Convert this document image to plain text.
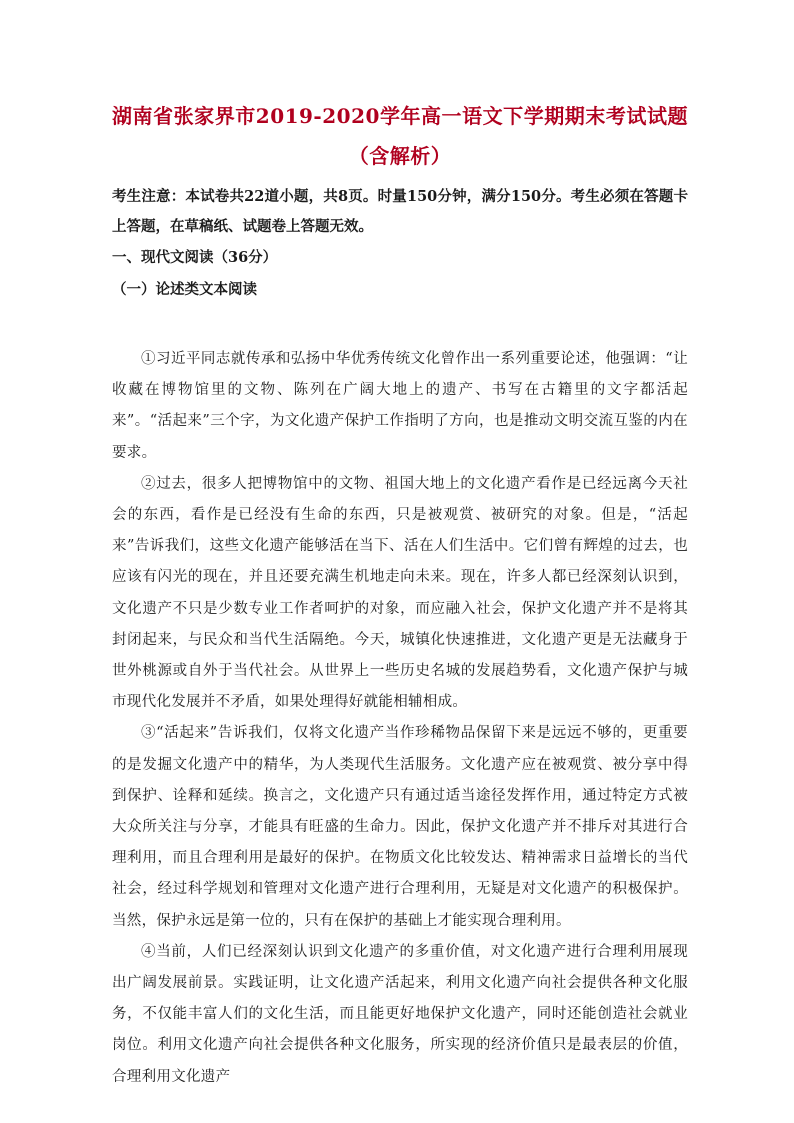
湖南省张家界市2019-2020学年高一语文下学期期末考试试题（含解析）

考生注意：本试卷共22道小题，共8页。时量150分钟，满分150分。考生必须在答题卡上答题，在草稿纸、试题卷上答题无效。

一、现代文阅读（36分）

（一）论述类文本阅读

①习近平同志就传承和弘扬中华优秀传统文化曾作出一系列重要论述，他强调：“让收藏在博物馆里的文物、陈列在广阔大地上的遗产、书写在古籍里的文字都活起来”。“活起来”三个字，为文化遗产保护工作指明了方向，也是推动文明交流互鉴的内在要求。

②过去，很多人把博物馆中的文物、祖国大地上的文化遗产看作是已经远离今天社会的东西，看作是已经没有生命的东西，只是被观赏、被研究的对象。但是，“活起来”告诉我们，这些文化遗产能够活在当下、活在人们生活中。它们曾有辉煌的过去，也应该有闪光的现在，并且还要充满生机地走向未来。现在，许多人都已经深刻认识到，文化遗产不只是少数专业工作者呵护的对象，而应融入社会，保护文化遗产并不是将其封闭起来，与民众和当代生活隔绝。今天，城镇化快速推进，文化遗产更是无法藏身于世外桃源或自外于当代社会。从世界上一些历史名城的发展趋势看，文化遗产保护与城市现代化发展并不矛盾，如果处理得好就能相辅相成。

③“活起来”告诉我们，仅将文化遗产当作珍稀物品保留下来是远远不够的，更重要的是发掘文化遗产中的精华，为人类现代生活服务。文化遗产应在被观赏、被分享中得到保护、诠释和延续。换言之，文化遗产只有通过适当途径发挥作用，通过特定方式被大众所关注与分享，才能具有旺盛的生命力。因此，保护文化遗产并不排斥对其进行合理利用，而且合理利用是最好的保护。在物质文化比较发达、精神需求日益增长的当代社会，经过科学规划和管理对文化遗产进行合理利用，无疑是对文化遗产的积极保护。当然，保护永远是第一位的，只有在保护的基础上才能实现合理利用。

④当前，人们已经深刻认识到文化遗产的多重价值，对文化遗产进行合理利用展现出广阔发展前景。实践证明，让文化遗产活起来，利用文化遗产向社会提供各种文化服务，不仅能丰富人们的文化生活，而且能更好地保护文化遗产，同时还能创造社会就业岗位。利用文化遗产向社会提供各种文化服务，所实现的经济价值只是最表层的价值，合理利用文化遗产
